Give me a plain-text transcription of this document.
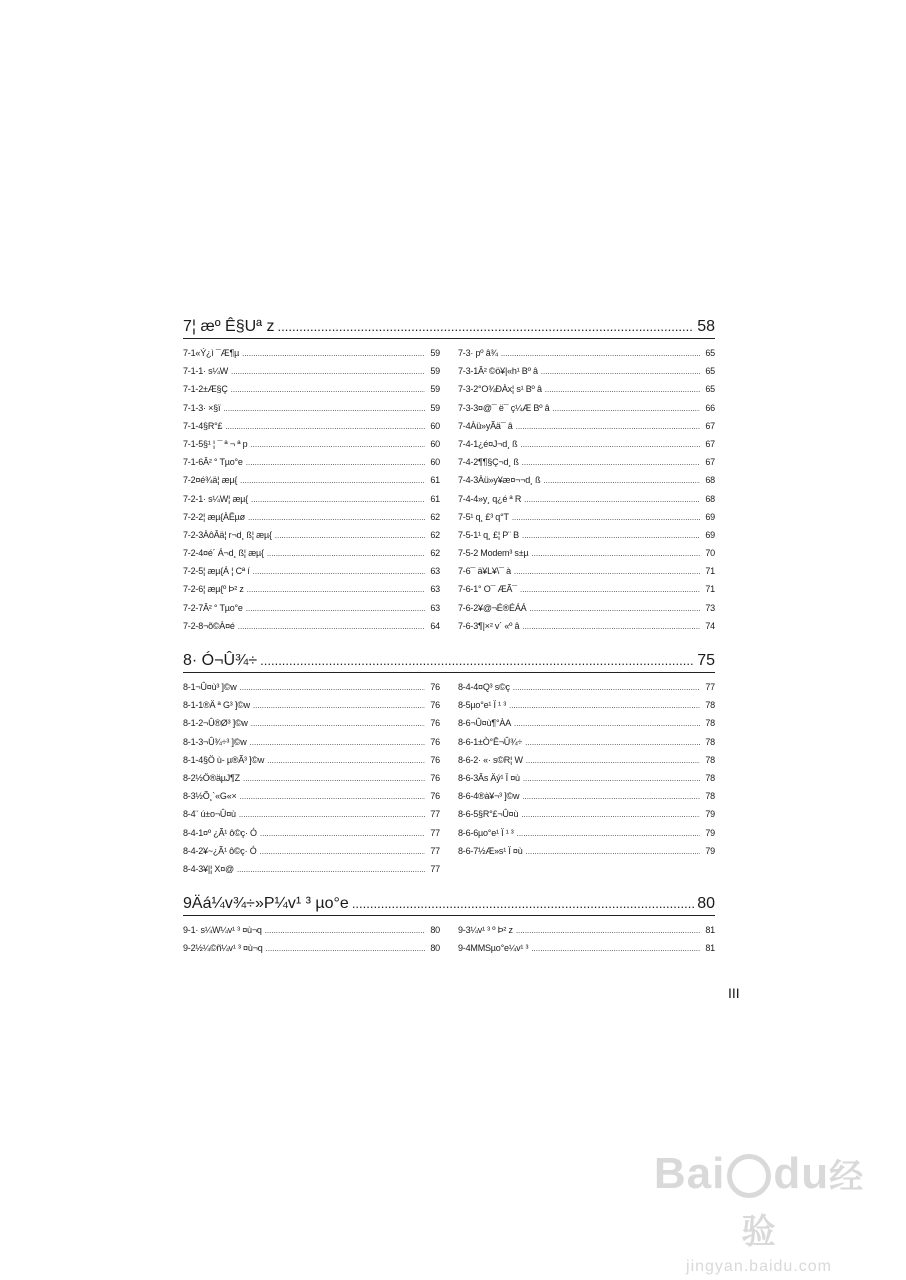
7¦ æº Ê§Uª z .....	58
7-1«Ý¿ì ¯Æ¶µ .....	59
7-1-1· s¼W .....	59
7-1-2±Æ§Ç .....	59
7-1-3· ×§ï .....	59
7-1-4§R°£ .....	60
7-1-5§¹ ¦ ¯ ª ¬ ª p .....	60
7-1-6Â² ° Tµo°e .....	60
7-2¤é¾ä¦ æµ{ .....	61
7-2-1· s¼W¦ æµ{ .....	61
7-2-2¦ æµ{ÀËµø .....	62
7-2-3ÀôÂä¦ r¬d¸ ß¦ æµ{ .....	62
7-2-4¤é´ Á¬d¸ ß¦ æµ{ .....	62
7-2-5¦ æµ{Á ¦ Cª í .....	63
7-2-6¦ æµ{º Þ² z .....	63
7-2-7Â² ° Tµo°e .....	63
7-2-8¬õ©À¤é .....	64
7-3· pº â¾ .....	65
7-3-1Â² ©ö¥|«h¹ Bº â .....	65
7-3-2°O¾ÐÀx¦ s¹ Bº â .....	65
7-3-3¤@¯ ë¯ ç¼Æ Bº â .....	66
7-4Àü»yÃä¯ â .....	67
7-4-1¿é¤J¬d¸ ß .....	67
7-4-2¶¶§Ç¬d¸ ß .....	67
7-4-3Àü»y¥æ¤¬¬d¸ ß .....	68
7-4-4»y¸ q¿é ª R .....	68
7-5¹ q¸ £³ q°T .....	69
7-5-1¹ q¸ £¦ P¨ B .....	69
7-5-2 Modem³ s±µ .....	70
7-6¯ ä¥L¥\¯ à .....	71
7-6-1° O¯ ÆÃ¯ .....	71
7-6-2¥@¬É®ÉÁÁ .....	73
7-6-3¶|×² v´ «º â .....	74
8· Ó¬Û¾÷ .....	75
8-1¬Û¤ù³ ]©w .....	76
8-1-1®Ä ª G³ ]©w .....	76
8-1-2¬Û®Ø³ ]©w .....	76
8-1-3¬Û¾÷³ ]©w .....	76
8-1-4§Ö ù- µ®Ã³ ]©w .....	76
8-2½Ö®äµJ¶Z .....	76
8-3½Õ¸`«G«× .....	76
8-4¨ ú±o¬Û¤ù .....	77
8-4-1¤º ¿Ã¹ ô©ç· Ó .....	77
8-4-2¥~¿Ã¹ ô©ç· Ó .....	77
8-4-3¥|¦ X¤@ .....	77
8-4-4¤Q³ s©ç .....	77
8-5µo°e¹ Ï ¹ ³ .....	78
8-6¬Û¤ù¶°ÀA .....	78
8-6-1±Ò°Ê¬Û¾÷ .....	78
8-6-2· «· s©R¦ W .....	78
8-6-3Âs Äý¹ Ï ¤ù .....	78
8-6-4®à¥¬³ ]©w .....	78
8-6-5§R°£¬Û¤ù .....	79
8-6-6µo°e¹ Ï ¹ ³ .....	79
8-6-7½Æ»s¹ Ï ¤ù .....	79
9Äá¼v¾÷»P¼v¹ ³ µo°e .....	80
9-1· s¼W¼v¹ ³ ¤ù¬q .....	80
9-2½¼©ñ¼v¹ ³ ¤ù¬q .....	80
9-3¼v¹ ³ º Þ² z .....	81
9-4MMSµo°e¼v¹ ³ .....	81
III
Bai du经验
jingyan.baidu.com
